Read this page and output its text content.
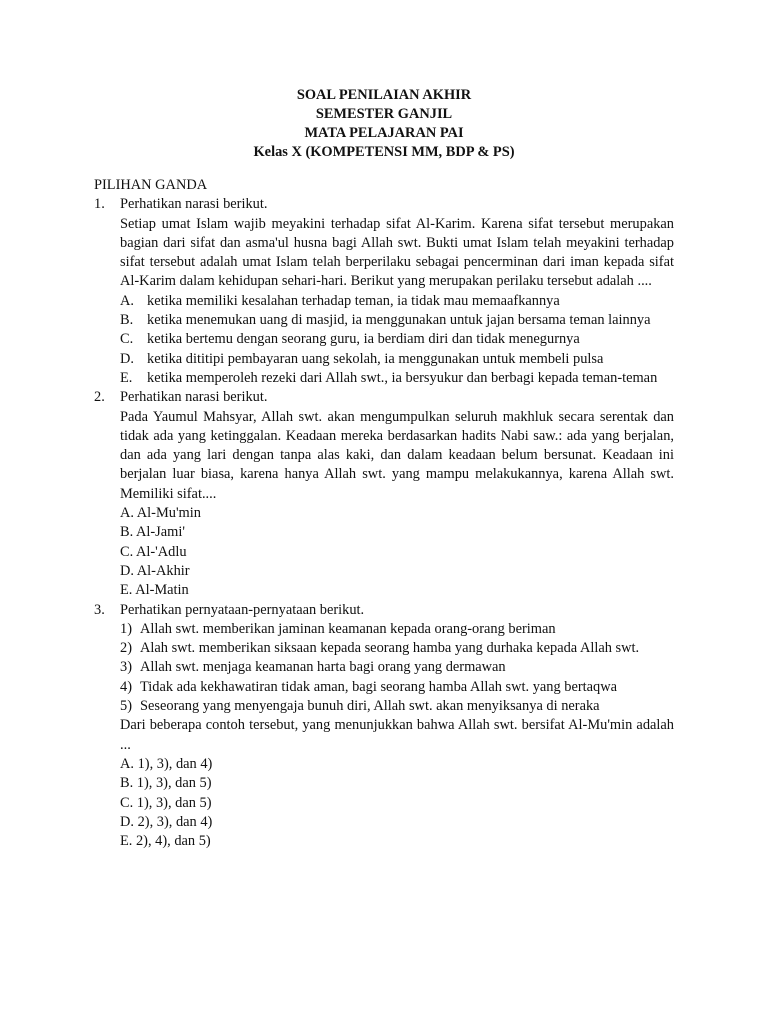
SOAL PENILAIAN AKHIR
SEMESTER GANJIL
MATA PELAJARAN PAI
Kelas X (KOMPETENSI MM, BDP & PS)
PILIHAN GANDA
1.	Perhatikan narasi berikut.
Setiap umat Islam wajib meyakini terhadap sifat Al-Karim. Karena sifat tersebut merupakan bagian dari sifat dan asma'ul husna bagi Allah swt. Bukti umat Islam telah meyakini terhadap sifat tersebut adalah umat Islam telah berperilaku sebagai pencerminan dari iman kepada sifat Al-Karim dalam kehidupan sehari-hari. Berikut yang merupakan perilaku tersebut adalah ....
A. ketika memiliki kesalahan terhadap teman, ia tidak mau memaafkannya
B. ketika menemukan uang di masjid, ia menggunakan untuk jajan bersama teman lainnya
C. ketika bertemu dengan seorang guru, ia berdiam diri dan tidak menegurnya
D. ketika dititipi pembayaran uang sekolah, ia menggunakan untuk membeli pulsa
E.	ketika memperoleh rezeki dari Allah swt., ia bersyukur dan berbagi kepada teman-teman
2.	Perhatikan narasi berikut.
Pada Yaumul Mahsyar, Allah swt. akan mengumpulkan seluruh makhluk secara serentak dan tidak ada yang ketinggalan. Keadaan mereka berdasarkan hadits Nabi saw.: ada yang berjalan, dan ada yang lari dengan tanpa alas kaki, dan dalam keadaan belum bersunat. Keadaan ini berjalan luar biasa, karena hanya Allah swt. yang mampu melakukannya, karena Allah swt. Memiliki sifat....
A. Al-Mu'min
B. Al-Jami'
C. Al-'Adlu
D. Al-Akhir
E. Al-Matin
3.	Perhatikan pernyataan-pernyataan berikut.
1) Allah swt. memberikan jaminan keamanan kepada orang-orang beriman
2) Alah swt. memberikan siksaan kepada seorang hamba yang durhaka kepada Allah swt.
3) Allah swt. menjaga keamanan harta bagi orang yang dermawan
4) Tidak ada kekhawatiran tidak aman, bagi seorang hamba Allah swt. yang bertaqwa
5) Seseorang yang menyengaja bunuh diri, Allah swt. akan menyiksanya di neraka
Dari beberapa contoh tersebut, yang menunjukkan bahwa Allah swt. bersifat Al-Mu'min adalah ...
A. 1), 3), dan 4)
B. 1), 3), dan 5)
C. 1), 3), dan 5)
D. 2), 3), dan 4)
E. 2), 4), dan 5)
